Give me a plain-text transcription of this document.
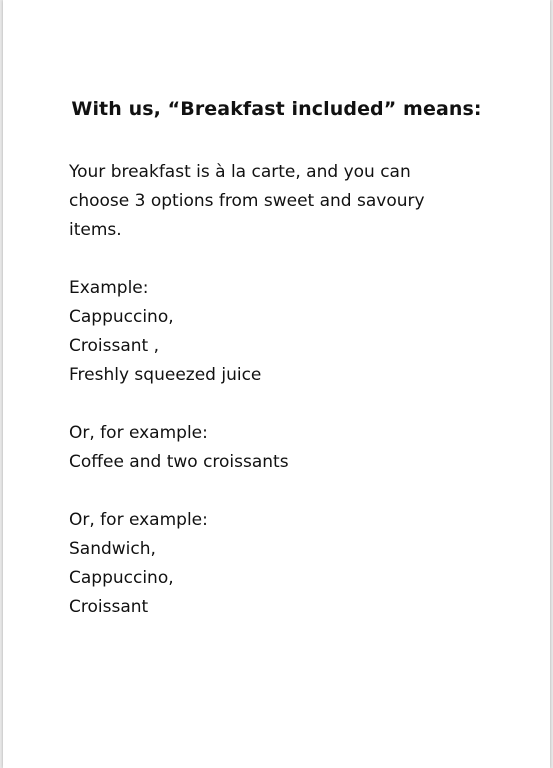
With us, “Breakfast included” means:

Your breakfast is à la carte, and you can
choose 3 options from sweet and savoury
items.

Example:
Cappuccino,
Croissant ,
Freshly squeezed juice

Or, for example:
Coffee and two croissants

Or, for example:
Sandwich,
Cappuccino,
Croissant
